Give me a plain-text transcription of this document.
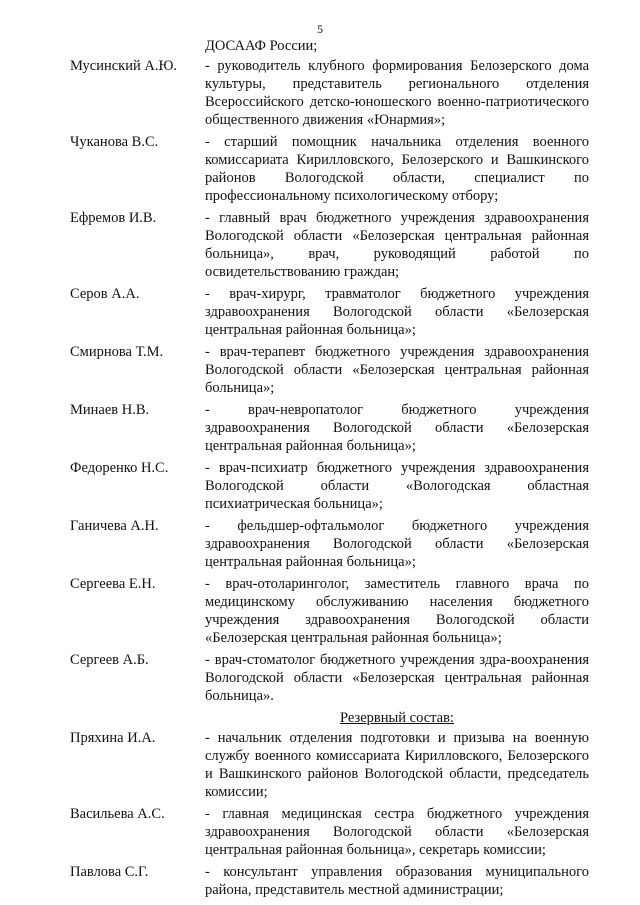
5
ДОСААФ России;
Мусинский А.Ю.	- руководитель клубного формирования Белозерского дома культуры, представитель регионального отделения Всероссийского детско-юношеского военно-патриотического общественного движения «Юнармия»;
Чуканова В.С.	- старший помощник начальника отделения военного комиссариата Кирилловского, Белозерского и Вашкинского районов Вологодской области, специалист по профессиональному психологическому отбору;
Ефремов И.В.	- главный врач бюджетного учреждения здравоохранения Вологодской области «Белозерская центральная районная больница», врач, руководящий работой по освидетельствованию граждан;
Серов А.А.	- врач-хирург, травматолог бюджетного учреждения здравоохранения Вологодской области «Белозерская центральная районная больница»;
Смирнова Т.М.	- врач-терапевт бюджетного учреждения здравоохранения Вологодской области «Белозерская центральная районная больница»;
Минаев Н.В.	- врач-невропатолог бюджетного учреждения здравоохранения Вологодской области «Белозерская центральная районная больница»;
Федоренко Н.С.	- врач-психиатр бюджетного учреждения здравоохранения Вологодской области «Вологодская областная психиатрическая больница»;
Ганичева А.Н.	- фельдшер-офтальмолог бюджетного учреждения здравоохранения Вологодской области «Белозерская центральная районная больница»;
Сергеева Е.Н.	- врач-отоларинголог, заместитель главного врача по медицинскому обслуживанию населения бюджетного учреждения здравоохранения Вологодской области «Белозерская центральная районная больница»;
Сергеев А.Б.	- врач-стоматолог бюджетного учреждения здра-воохранения Вологодской области «Белозерская центральная районная больница».
Резервный состав:
Пряхина И.А.	- начальник отделения подготовки и призыва на военную службу военного комиссариата Кирилловского, Белозерского и Вашкинского районов Вологодской области, председатель комиссии;
Васильева А.С.	- главная медицинская сестра бюджетного учреждения здравоохранения Вологодской области «Белозерская центральная районная больница», секретарь комиссии;
Павлова С.Г.	- консультант управления образования муниципального района, представитель местной администрации;
